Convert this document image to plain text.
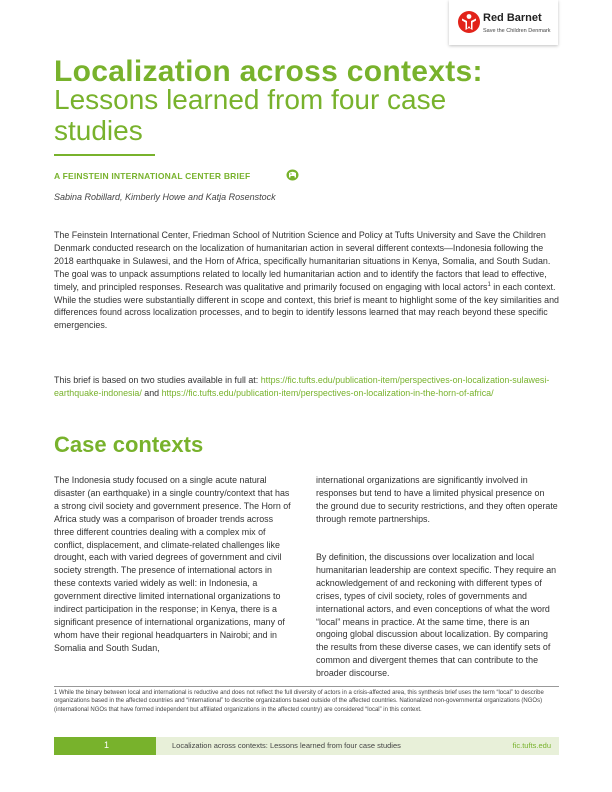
Red Barnet
Save the Children Denmark
Localization across contexts:
Lessons learned from four case studies
A FEINSTEIN INTERNATIONAL CENTER BRIEF
Sabina Robillard, Kimberly Howe and Katja Rosenstock

The Feinstein International Center, Friedman School of Nutrition Science and Policy at Tufts University and Save the Children Denmark conducted research on the localization of humanitarian action in several different contexts—Indonesia following the 2018 earthquake in Sulawesi, and the Horn of Africa, specifically humanitarian situations in Kenya, Somalia, and South Sudan. The goal was to unpack assumptions related to locally led humanitarian action and to identify the factors that lead to effective, timely, and principled responses. Research was qualitative and primarily focused on engaging with local actors$^1$ in each context. While the studies were substantially different in scope and context, this brief is meant to highlight some of the key similarities and differences found across localization processes, and to begin to identify lessons learned that may reach beyond these specific emergencies.

This brief is based on two studies available in full at: https://fic.tufts.edu/publication-item/perspectives-on-localization-sulawesi-earthquake-indonesia/ and https://fic.tufts.edu/publication-item/perspectives-on-localization-in-the-horn-of-africa/

Case contexts

The Indonesia study focused on a single acute natural disaster (an earthquake) in a single country/context that has a strong civil society and government presence. The Horn of Africa study was a comparison of broader trends across three different countries dealing with a complex mix of conflict, displacement, and climate-related challenges like drought, each with varied degrees of government and civil society strength. The presence of international actors in these contexts varied widely as well: in Indonesia, a government directive limited international organizations to indirect participation in the response; in Kenya, there is a significant presence of international organizations, many of whom have their regional headquarters in Nairobi; and in Somalia and South Sudan,

international organizations are significantly involved in responses but tend to have a limited physical presence on the ground due to security restrictions, and they often operate through remote partnerships.

By definition, the discussions over localization and local humanitarian leadership are context specific. They require an acknowledgement of and reckoning with different types of crises, types of civil society, roles of governments and international actors, and even conceptions of what the word “local” means in practice. At the same time, there is an ongoing global discussion about localization. By comparing the results from these diverse cases, we can identify sets of common and divergent themes that can contribute to the broader discourse.

1 While the binary between local and international is reductive and does not reflect the full diversity of actors in a crisis-affected area, this synthesis brief uses the term “local” to describe organizations based in the affected countries and “international” to describe organizations based outside of the affected countries. Nationalized non-governmental organizations (NGOs) (international NGOs that have formed independent but affiliated organizations in the affected country) are considered “local” in this context.

1	Localization across contexts: Lessons learned from four case studies	fic.tufts.edu
